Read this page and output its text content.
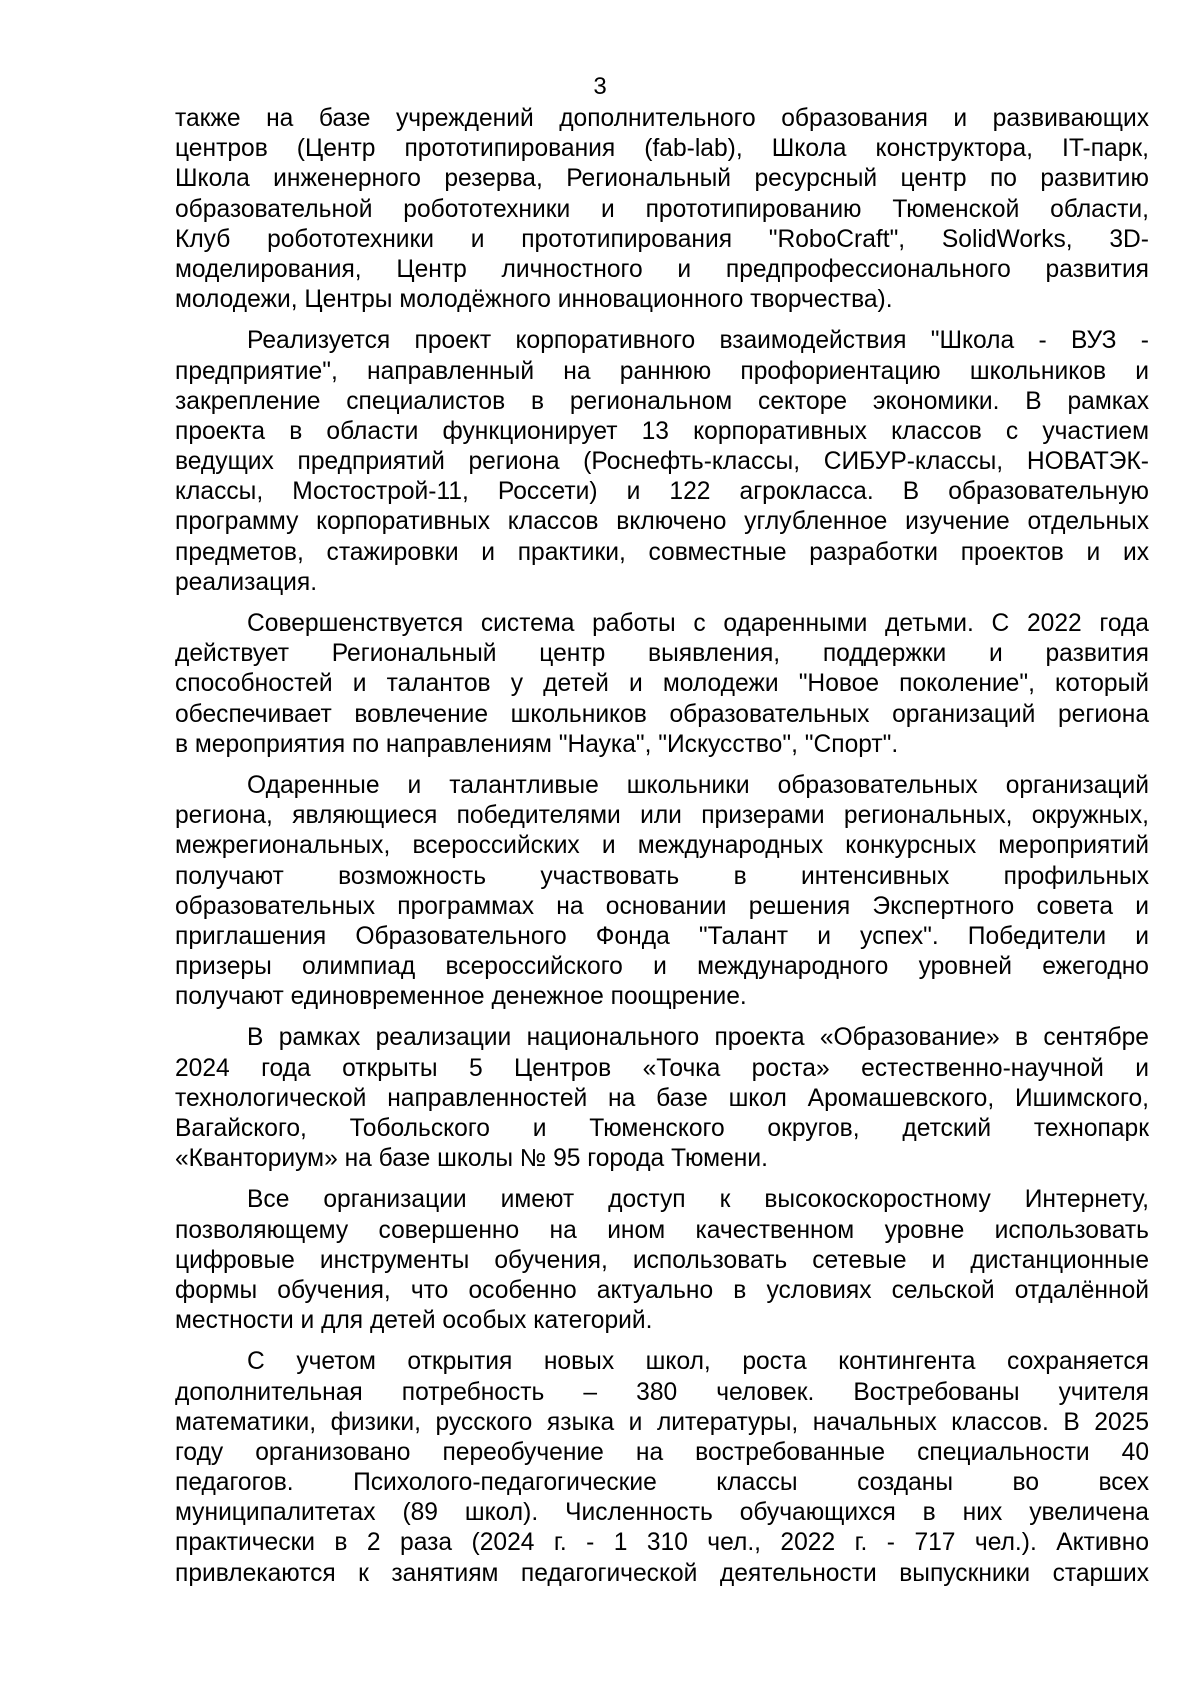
3
также на базе учреждений дополнительного образования и развивающих
центров (Центр прототипирования (fab-lab), Школа конструктора, IT-парк,
Школа инженерного резерва, Региональный ресурсный центр по развитию
образовательной робототехники и прототипированию Тюменской области,
Клуб робототехники и прототипирования "RoboCraft", SolidWorks, 3D-
моделирования, Центр личностного и предпрофессионального развития
молодежи, Центры молодёжного инновационного творчества).
Реализуется проект корпоративного взаимодействия "Школа - ВУЗ -
предприятие", направленный на раннюю профориентацию школьников и
закрепление специалистов в региональном секторе экономики. В рамках
проекта в области функционирует 13 корпоративных классов с участием
ведущих предприятий региона (Роснефть-классы, СИБУР-классы, НОВАТЭК-
классы, Мостострой-11, Россети) и 122 агрокласса. В образовательную
программу корпоративных классов включено углубленное изучение отдельных
предметов, стажировки и практики, совместные разработки проектов и их
реализация.
Совершенствуется система работы с одаренными детьми. С 2022 года
действует Региональный центр выявления, поддержки и развития
способностей и талантов у детей и молодежи "Новое поколение", который
обеспечивает вовлечение школьников образовательных организаций региона
в мероприятия по направлениям "Наука", "Искусство", "Спорт".
Одаренные и талантливые школьники образовательных организаций
региона, являющиеся победителями или призерами региональных, окружных,
межрегиональных, всероссийских и международных конкурсных мероприятий
получают возможность участвовать в интенсивных профильных
образовательных программах на основании решения Экспертного совета и
приглашения Образовательного Фонда "Талант и успех". Победители и
призеры олимпиад всероссийского и международного уровней ежегодно
получают единовременное денежное поощрение.
В рамках реализации национального проекта «Образование» в сентябре
2024 года открыты 5 Центров «Точка роста» естественно-научной и
технологической направленностей на базе школ Аромашевского, Ишимского,
Вагайского, Тобольского и Тюменского округов, детский технопарк
«Кванториум» на базе школы № 95 города Тюмени.
Все организации имеют доступ к высокоскоростному Интернету,
позволяющему совершенно на ином качественном уровне использовать
цифровые инструменты обучения, использовать сетевые и дистанционные
формы обучения, что особенно актуально в условиях сельской отдалённой
местности и для детей особых категорий.
С учетом открытия новых школ, роста контингента сохраняется
дополнительная потребность – 380 человек. Востребованы учителя
математики, физики, русского языка и литературы, начальных классов. В 2025
году организовано переобучение на востребованные специальности 40
педагогов. Психолого-педагогические классы созданы во всех
муниципалитетах (89 школ). Численность обучающихся в них увеличена
практически в 2 раза (2024 г. - 1 310 чел., 2022 г. - 717 чел.). Активно
привлекаются к занятиям педагогической деятельности выпускники старших
